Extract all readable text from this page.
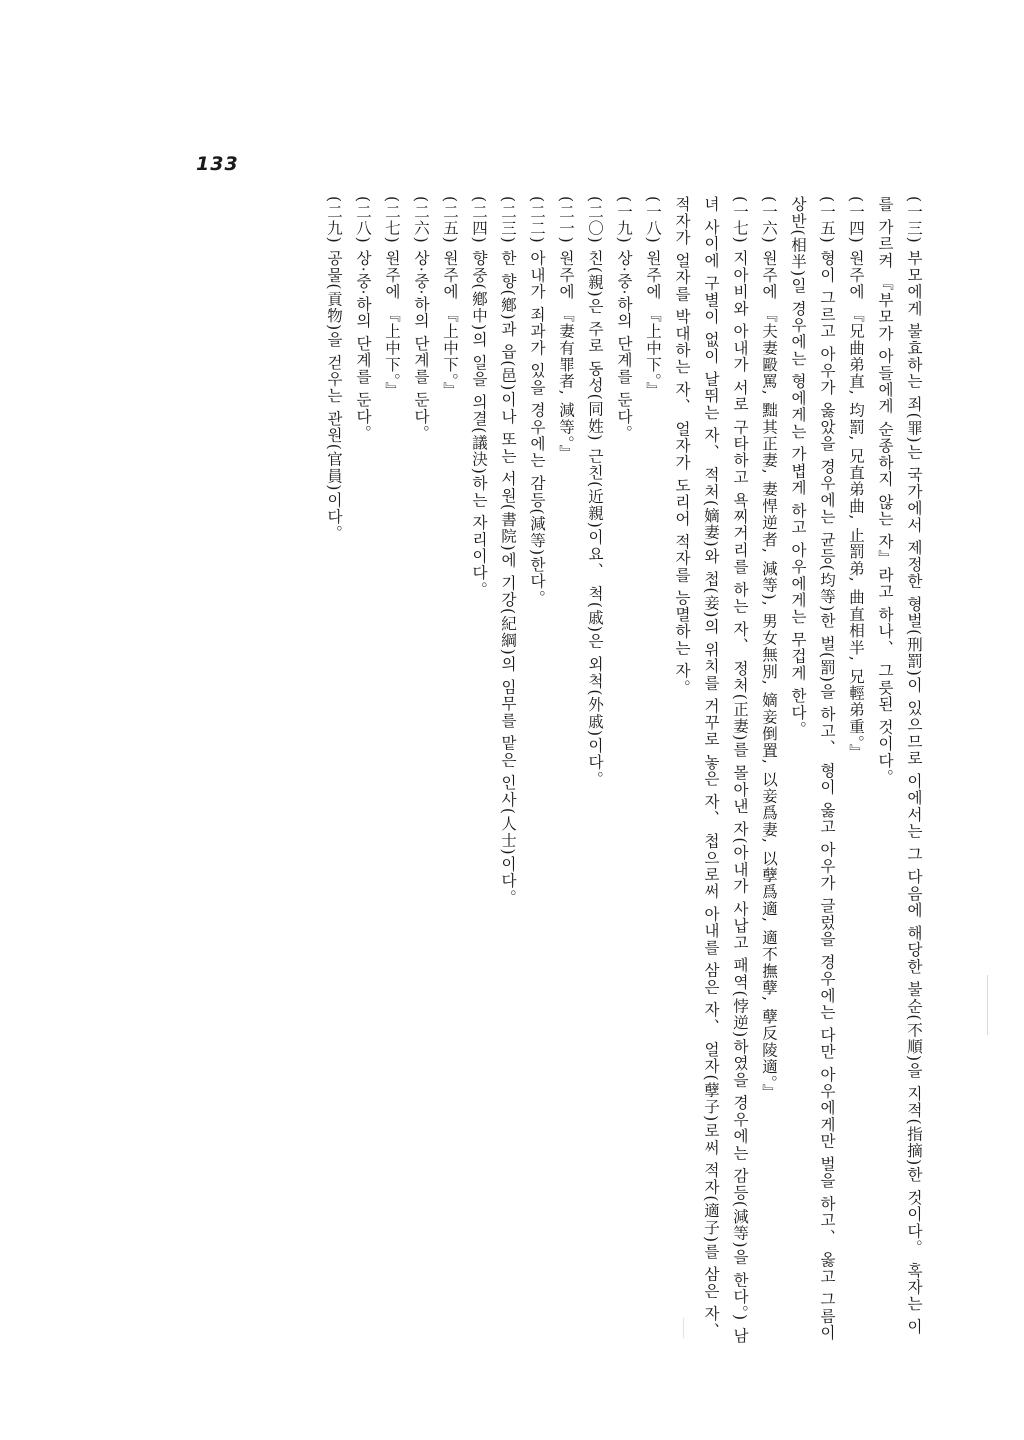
133

(一三) 부모에게 불효하는 죄(罪)는 국가에서 제정한 형벌(刑罰)이 있으므로 이에서는 그 다음에 해당한 불순(不順)을 지적(指摘)한 것이다。 혹자는 이를 가르켜 『부모가 아들에게 순종하지 않는 자』라고 하나、 그릇된 것이다。

(一四) 원주에 『兄曲弟直, 均罰, 兄直弟曲, 止罰弟, 曲直相半, 兄輕弟重。』

(一五) 형이 그르고 아우가 옳았을 경우에는 균등(均等)한 벌(罰)을 하고、 형이 옳고 아우가 글렀을 경우에는 다만 아우에게만 벌을 하고、 옳고 그름이 상반(相半)일 경우에는 형에게는 가볍게 하고 아우에게는 무겁게 한다。

(一六) 원주에 『夫妻毆罵, 黜其正妻, 妻悍逆者, 減等), 男女無別, 嫡妾倒置, 以妾爲妻, 以孽爲適, 適不撫孽, 孽反陵適。』

(一七) 지아비와 아내가 서로 구타하고 욕찌거리를 하는 자、 정처(正妻)를 몰아낸 자(아내가 사납고 패역(悖逆)하였을 경우에는 감등(減等)을 한다。) 남녀 사이에 구별이 없이 날뛰는 자、 적처(嫡妻)와 첩(妾)의 위치를 거꾸로 놓은 자、 첩으로써 아내를 삼은 자、 얼자(孽子)로써 적자(適子)를 삼은 자、 적자가 얼자를 박대하는 자、 얼자가 도리어 적자를 능멸하는 자。

(一八) 원주에 『上中下。』

(一九) 상·중·하의 단계를 둔다。

(二〇) 친(親)은 주로 동성(同姓) 근친(近親)이요、 척(戚)은 외척(外戚)이다。

(二一) 원주에 『妻有罪者, 減等。』

(二二) 아내가 죄과가 있을 경우에는 감등(減等)한다。

(二三) 한 향(鄕)과 읍(邑)이나 또는 서원(書院)에 기강(紀綱)의 임무를 맡은 인사(人士)이다。

(二四) 향중(鄕中)의 일을 의결(議決)하는 자리이다。

(二五) 원주에 『上中下。』

(二六) 상·중·하의 단계를 둔다。

(二七) 원주에 『上中下。』

(二八) 상·중·하의 단계를 둔다。

(二九) 공물(貢物)을 걷우는 관원(官員)이다。
